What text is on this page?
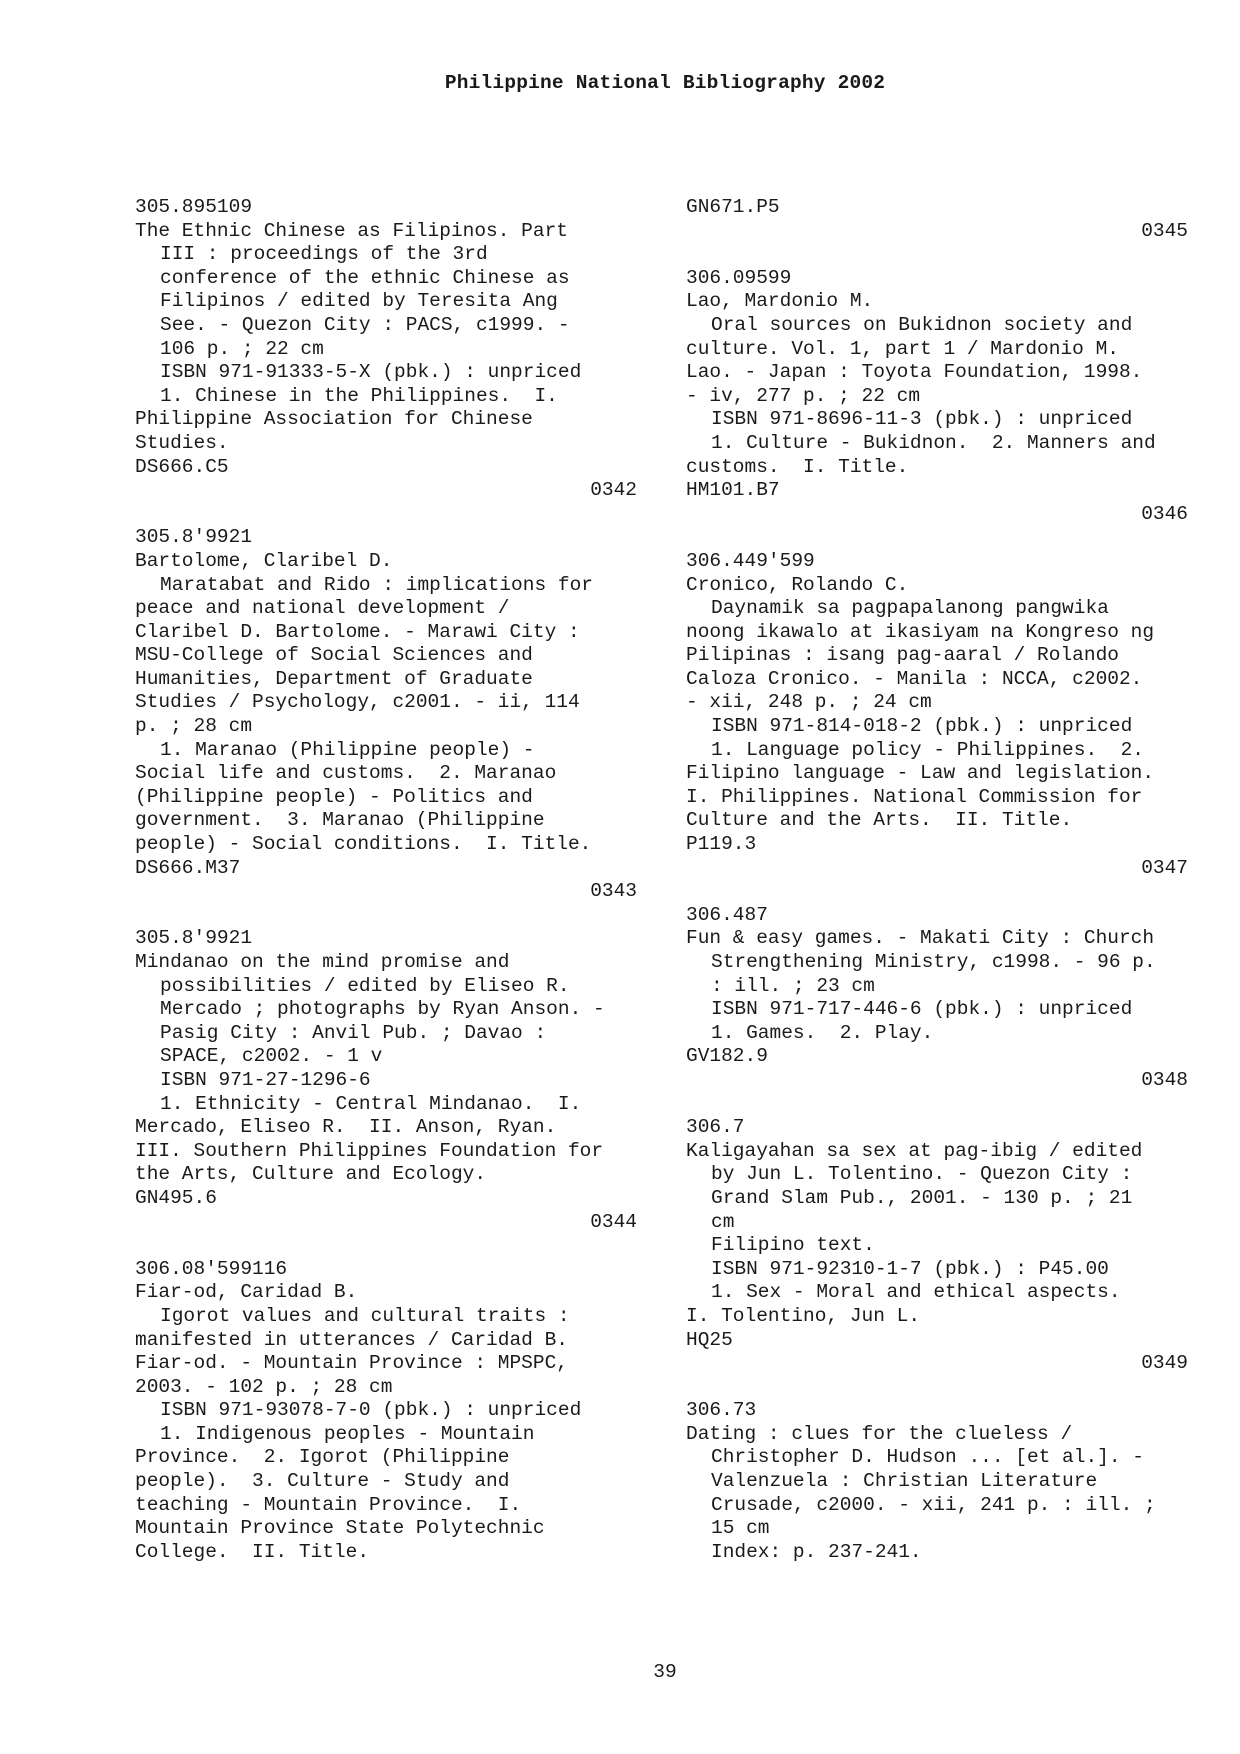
Philippine National Bibliography 2002
305.895109
The Ethnic Chinese as Filipinos. Part
III : proceedings of the 3rd
conference of the ethnic Chinese as
Filipinos / edited by Teresita Ang
See. - Quezon City : PACS, c1999. -
106 p. ; 22 cm
ISBN 971-91333-5-X (pbk.) : unpriced
1. Chinese in the Philippines.  I.
Philippine Association for Chinese
Studies.
DS666.C5
0342
305.8'9921
Bartolome, Claribel D.
Maratabat and Rido : implications for
peace and national development /
Claribel D. Bartolome. - Marawi City :
MSU-College of Social Sciences and
Humanities, Department of Graduate
Studies / Psychology, c2001. - ii, 114
p. ; 28 cm
1. Maranao (Philippine people) -
Social life and customs.  2. Maranao
(Philippine people) - Politics and
government.  3. Maranao (Philippine
people) - Social conditions.  I. Title.
DS666.M37
0343
305.8'9921
Mindanao on the mind promise and
possibilities / edited by Eliseo R.
Mercado ; photographs by Ryan Anson. -
Pasig City : Anvil Pub. ; Davao :
SPACE, c2002. - 1 v
ISBN 971-27-1296-6
1. Ethnicity - Central Mindanao.  I.
Mercado, Eliseo R.  II. Anson, Ryan.
III. Southern Philippines Foundation for
the Arts, Culture and Ecology.
GN495.6
0344
306.08'599116
Fiar-od, Caridad B.
Igorot values and cultural traits :
manifested in utterances / Caridad B.
Fiar-od. - Mountain Province : MPSPC,
2003. - 102 p. ; 28 cm
ISBN 971-93078-7-0 (pbk.) : unpriced
1. Indigenous peoples - Mountain
Province.  2. Igorot (Philippine
people).  3. Culture - Study and
teaching - Mountain Province.  I.
Mountain Province State Polytechnic
College.  II. Title.
GN671.P5
0345
306.09599
Lao, Mardonio M.
Oral sources on Bukidnon society and
culture. Vol. 1, part 1 / Mardonio M.
Lao. - Japan : Toyota Foundation, 1998.
- iv, 277 p. ; 22 cm
ISBN 971-8696-11-3 (pbk.) : unpriced
1. Culture - Bukidnon.  2. Manners and
customs.  I. Title.
HM101.B7
0346
306.449'599
Cronico, Rolando C.
Daynamik sa pagpapalanong pangwika
noong ikawalo at ikasiyam na Kongreso ng
Pilipinas : isang pag-aaral / Rolando
Caloza Cronico. - Manila : NCCA, c2002.
- xii, 248 p. ; 24 cm
ISBN 971-814-018-2 (pbk.) : unpriced
1. Language policy - Philippines.  2.
Filipino language - Law and legislation.
I. Philippines. National Commission for
Culture and the Arts.  II. Title.
P119.3
0347
306.487
Fun & easy games. - Makati City : Church
Strengthening Ministry, c1998. - 96 p.
: ill. ; 23 cm
ISBN 971-717-446-6 (pbk.) : unpriced
1. Games.  2. Play.
GV182.9
0348
306.7
Kaligayahan sa sex at pag-ibig / edited
by Jun L. Tolentino. - Quezon City :
Grand Slam Pub., 2001. - 130 p. ; 21
cm
Filipino text.
ISBN 971-92310-1-7 (pbk.) : P45.00
1. Sex - Moral and ethical aspects.
I. Tolentino, Jun L.
HQ25
0349
306.73
Dating : clues for the clueless /
Christopher D. Hudson ... [et al.]. -
Valenzuela : Christian Literature
Crusade, c2000. - xii, 241 p. : ill. ;
15 cm
Index: p. 237-241.
39
